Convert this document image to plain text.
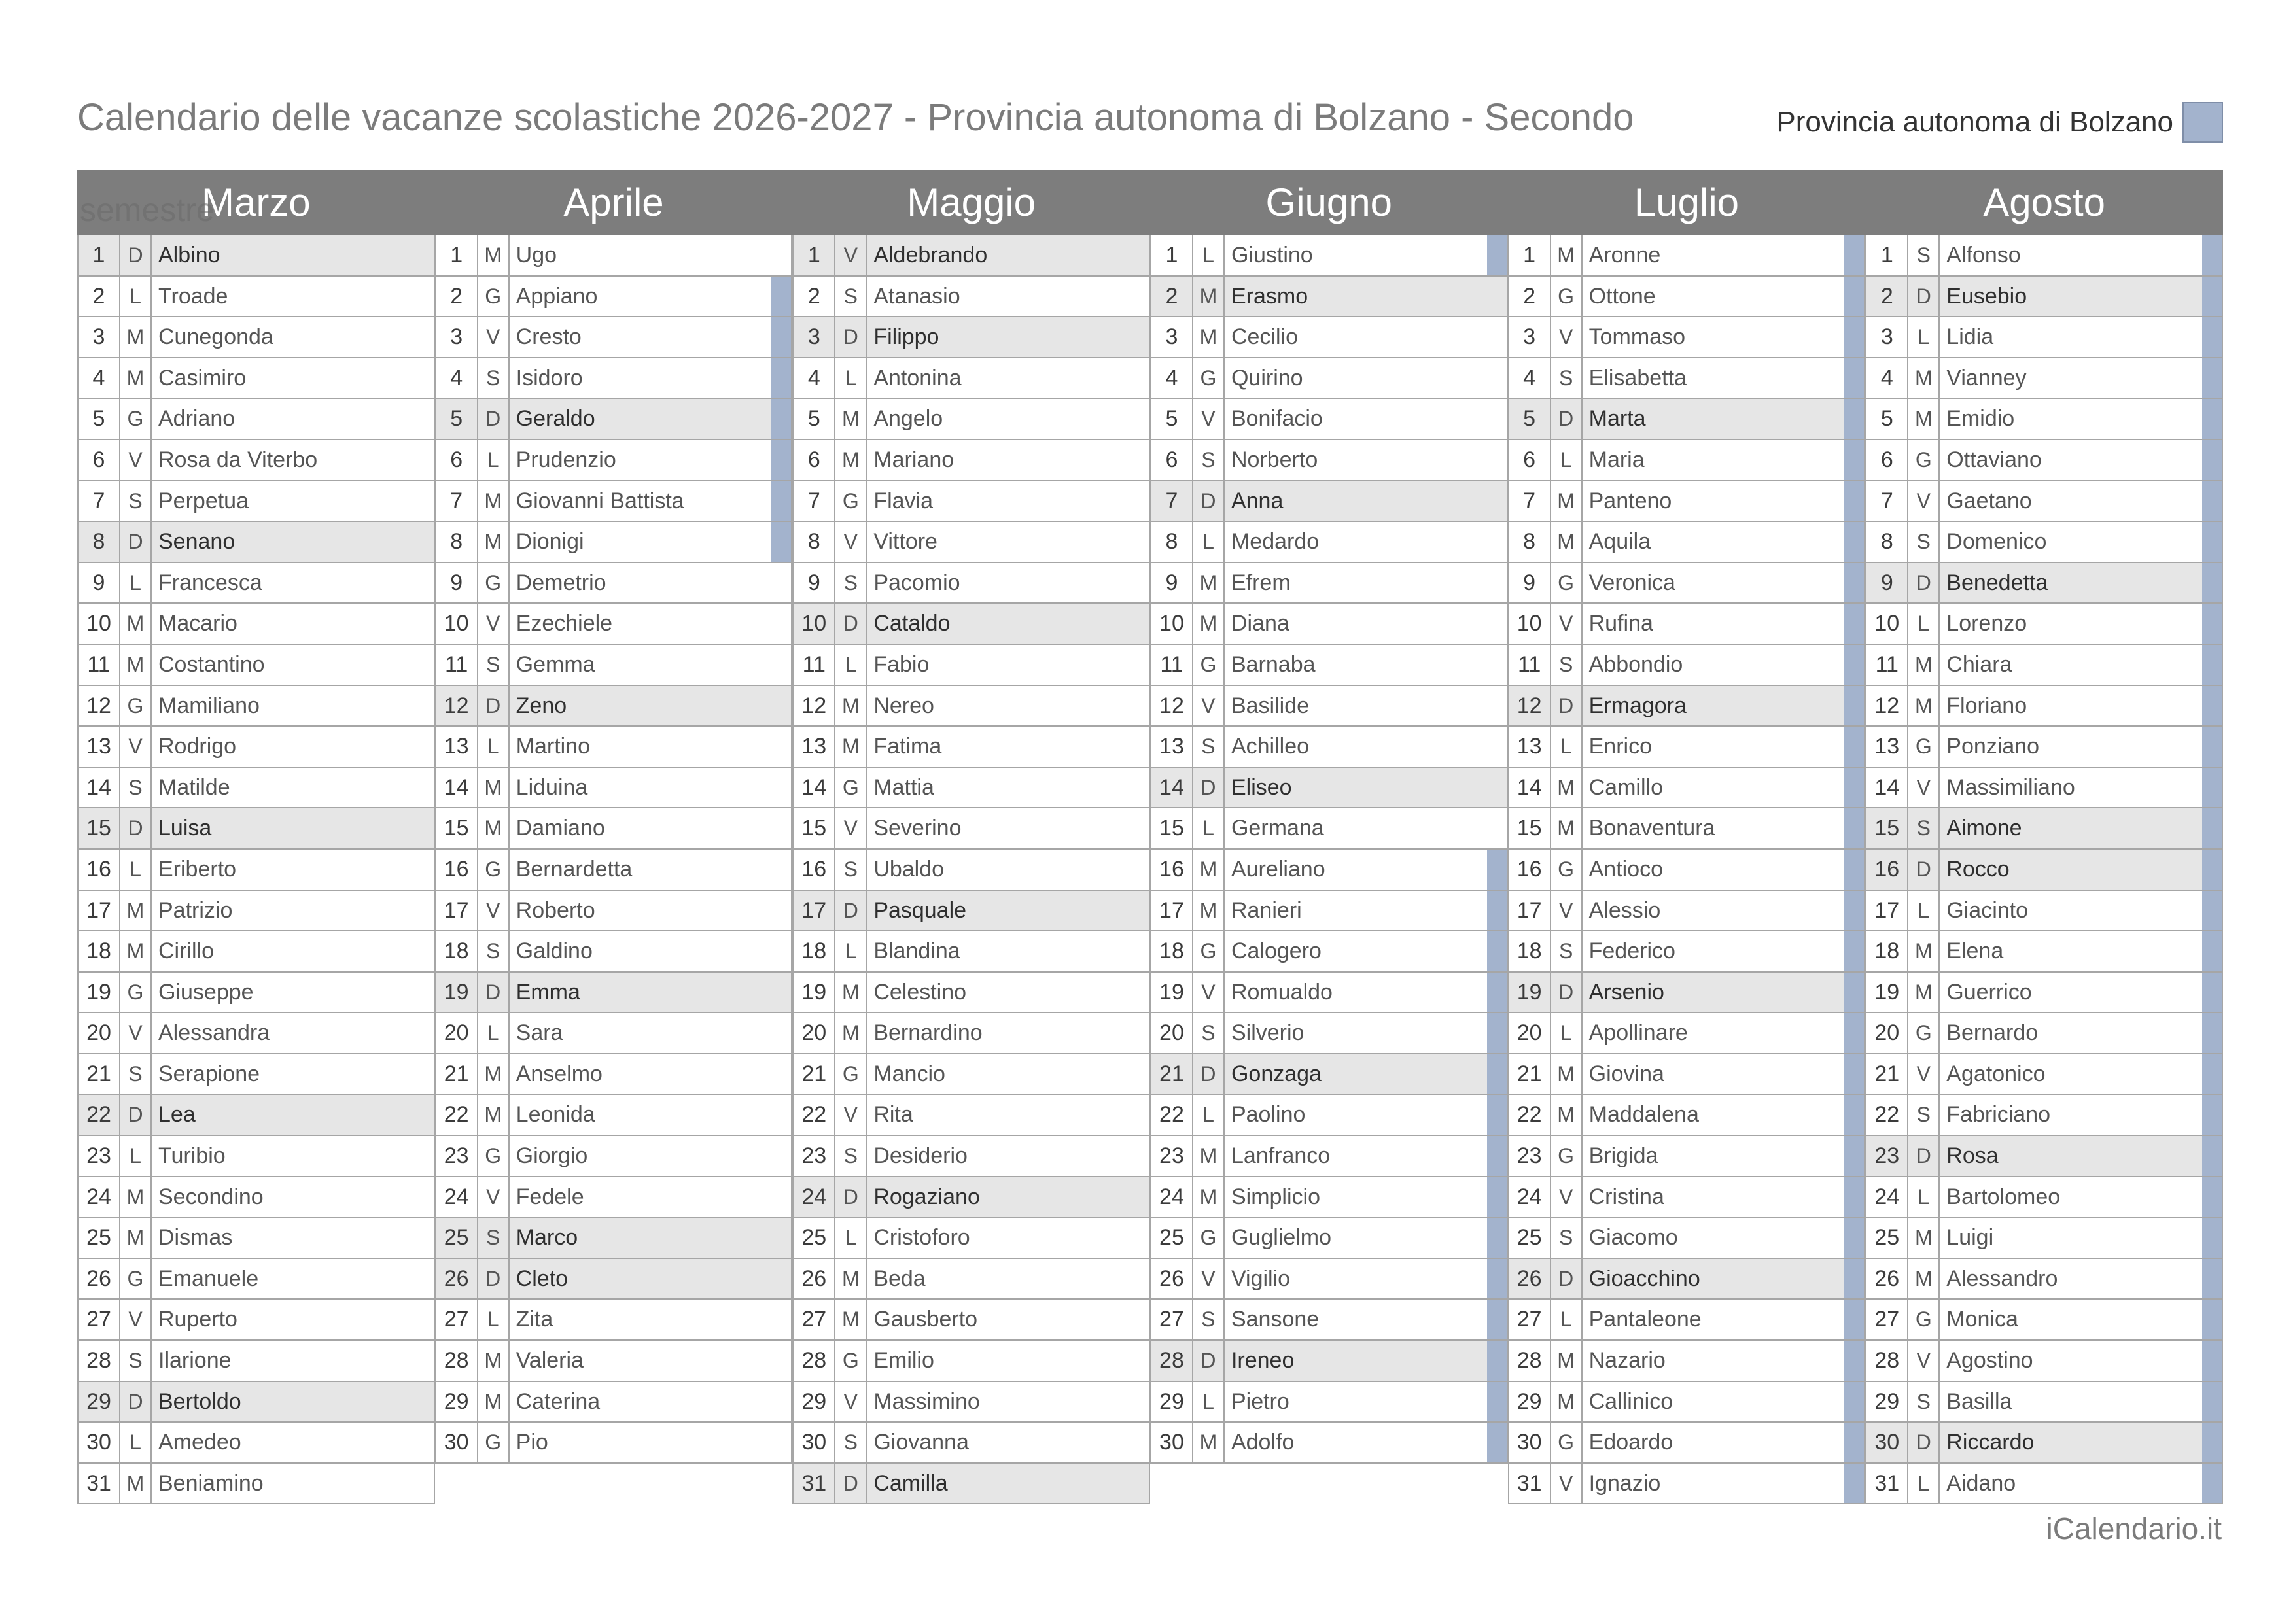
Calendario delle vacanze scolastiche 2026-2027 - Provincia autonoma di Bolzano - Secondo	Provincia autonoma di Bolzano
Marzo
1	D Albino
2	L Troade
3	M Cunegonda
4	M Casimiro
5	G Adriano
6	V Rosa da Viterbo
7	S Perpetua
8	D Senano
9	L Francesca
10 M Macario
11 M Costantino
12 G Mamiliano
13 V Rodrigo
14 S Matilde
15 D Luisa
16 L Eriberto
17 M Patrizio
18 M Cirillo
19 G Giuseppe
20 V Alessandra
21 S Serapione
22 D Lea
23 L Turibio
24 M Secondino
25 M Dismas
26 G Emanuele
27 V Ruperto
28 S Ilarione
29 D Bertoldo
30 L Amedeo
31 M Beniamino
Aprile
1	M Ugo
2	G Appiano
3	V Cresto
4	S Isidoro
5	D Geraldo
6	L Prudenzio
7	M Giovanni Battista
8	M Dionigi
9	G Demetrio
10 V Ezechiele
11 S Gemma
12 D Zeno
13 L Martino
14 M Liduina
15 M Damiano
16 G Bernardetta
17 V Roberto
18 S Galdino
19 D Emma
20 L Sara
21 M Anselmo
22 M Leonida
23 G Giorgio
24 V Fedele
25 S Marco
26 D Cleto
27 L Zita
28 M Valeria
29 M Caterina
30 G Pio
Maggio
1	V Aldebrando
2	S Atanasio
3	D Filippo
4	L Antonina
5	M Angelo
6	M Mariano
7	G Flavia
8	V Vittore
9	S Pacomio
10 D Cataldo
11 L Fabio
12 M Nereo
13 M Fatima
14 G Mattia
15 V Severino
16 S Ubaldo
17 D Pasquale
18 L Blandina
19 M Celestino
20 M Bernardino
21 G Mancio
22 V Rita
23 S Desiderio
24 D Rogaziano
25 L Cristoforo
26 M Beda
27 M Gausberto
28 G Emilio
29 V Massimino
30 S Giovanna
31 D Camilla
Giugno
1	L Giustino
2	M Erasmo
3	M Cecilio
4	G Quirino
5	V Bonifacio
6	S Norberto
7	D Anna
8	L Medardo
9	M Efrem
10 M Diana
11 G Barnaba
12 V Basilide
13 S Achilleo
14 D Eliseo
15 L Germana
16 M Aureliano
17 M Ranieri
18 G Calogero
19 V Romualdo
20 S Silverio
21 D Gonzaga
22 L Paolino
23 M Lanfranco
24 M Simplicio
25 G Guglielmo
26 V Vigilio
27 S Sansone
28 D Ireneo
29 L Pietro
30 M Adolfo
Luglio
1	M Aronne
2	G Ottone
3	V Tommaso
4	S Elisabetta
5	D Marta
6	L Maria
7	M Panteno
8	M Aquila
9	G Veronica
10 V Rufina
11 S Abbondio
12 D Ermagora
13 L Enrico
14 M Camillo
15 M Bonaventura
16 G Antioco
17 V Alessio
18 S Federico
19 D Arsenio
20 L Apollinare
21 M Giovina
22 M Maddalena
23 G Brigida
24 V Cristina
25 S Giacomo
26 D Gioacchino
27 L Pantaleone
28 M Nazario
29 M Callinico
30 G Edoardo
31 V Ignazio
Agosto
1	S Alfonso
2	D Eusebio
3	L Lidia
4	M Vianney
5	M Emidio
6	G Ottaviano
7	V Gaetano
8	S Domenico
9	D Benedetta
10 L Lorenzo
11 M Chiara
12 M Floriano
13 G Ponziano
14 V Massimiliano
15 S Aimone
16 D Rocco
17 L Giacinto
18 M Elena
19 M Guerrico
20 G Bernardo
21 V Agatonico
22 S Fabriciano
23 D Rosa
24 L Bartolomeo
25 M Luigi
26 M Alessandro
27 G Monica
28 V Agostino
29 S Basilla
30 D Riccardo
31 L Aidano
semestre
iCalendario.it
